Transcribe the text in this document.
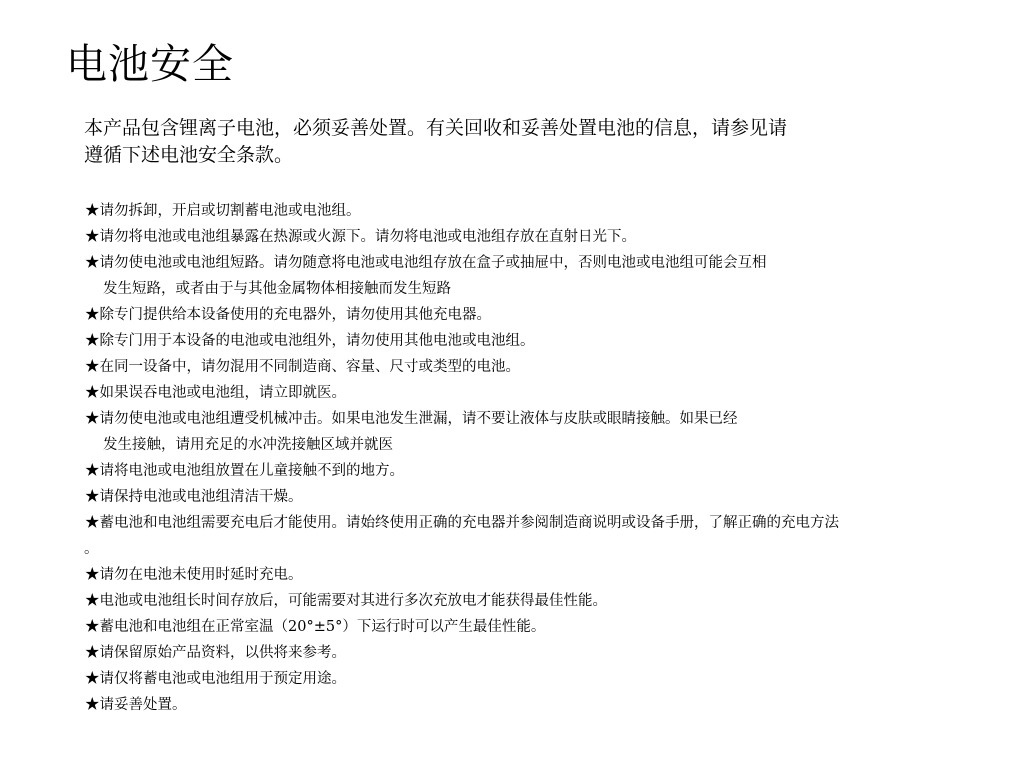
电池安全

本产品包含锂离子电池，必须妥善处置。有关回收和妥善处置电池的信息，请参见请
遵循下述电池安全条款。

★请勿拆卸，开启或切割蓄电池或电池组。
★请勿将电池或电池组暴露在热源或火源下。请勿将电池或电池组存放在直射日光下。
★请勿使电池或电池组短路。请勿随意将电池或电池组存放在盒子或抽屉中，否则电池或电池组可能会互相
发生短路，或者由于与其他金属物体相接触而发生短路
★除专门提供给本设备使用的充电器外，请勿使用其他充电器。
★除专门用于本设备的电池或电池组外，请勿使用其他电池或电池组。
★在同一设备中，请勿混用不同制造商、容量、尺寸或类型的电池。
★如果误吞电池或电池组，请立即就医。
★请勿使电池或电池组遭受机械冲击。如果电池发生泄漏，请不要让液体与皮肤或眼睛接触。如果已经
发生接触，请用充足的水冲洗接触区域并就医
★请将电池或电池组放置在儿童接触不到的地方。
★请保持电池或电池组清洁干燥。
★蓄电池和电池组需要充电后才能使用。请始终使用正确的充电器并参阅制造商说明或设备手册，了解正确的充电方法
。
★请勿在电池未使用时延时充电。
★电池或电池组长时间存放后，可能需要对其进行多次充放电才能获得最佳性能。
★蓄电池和电池组在正常室温（20°±5°）下运行时可以产生最佳性能。
★请保留原始产品资料，以供将来参考。
★请仅将蓄电池或电池组用于预定用途。
★请妥善处置。
